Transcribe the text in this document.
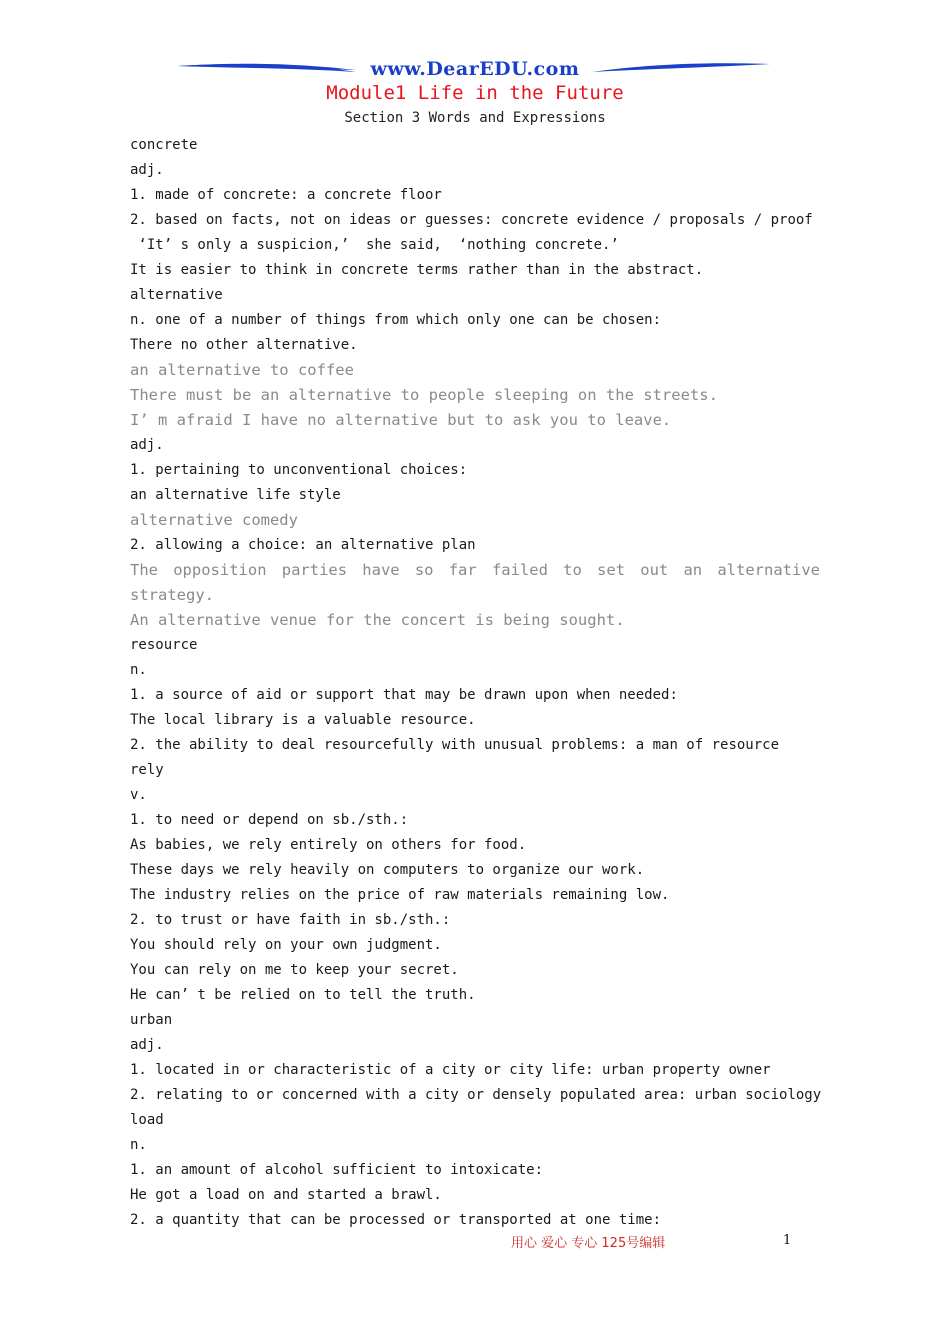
www.DearEDU.com
Module1 Life in the Future
Section 3 Words and Expressions
concrete
adj.
1. made of concrete: a concrete floor
2. based on facts, not on ideas or guesses: concrete evidence / proposals / proof
‘It’ s only a suspicion,’  she said,  ‘nothing concrete.’
It is easier to think in concrete terms rather than in the abstract.
alternative
n. one of a number of things from which only one can be chosen:
There no other alternative.
an alternative to coffee
There must be an alternative to people sleeping on the streets.
I’ m afraid I have no alternative but to ask you to leave.
adj.
1. pertaining to unconventional choices:
an alternative life style
alternative comedy
2. allowing a choice: an alternative plan
The opposition parties have so far failed to set out an alternative
strategy.
An alternative venue for the concert is being sought.
resource
n.
1. a source of aid or support that may be drawn upon when needed:
The local library is a valuable resource.
2. the ability to deal resourcefully with unusual problems: a man of resource
rely
v.
1. to need or depend on sb./sth.:
As babies, we rely entirely on others for food.
These days we rely heavily on computers to organize our work.
The industry relies on the price of raw materials remaining low.
2. to trust or have faith in sb./sth.:
You should rely on your own judgment.
You can rely on me to keep your secret.
He can’ t be relied on to tell the truth.
urban
adj.
1. located in or characteristic of a city or city life: urban property owner
2. relating to or concerned with a city or densely populated area: urban sociology
load
n.
1. an amount of alcohol sufficient to intoxicate:
He got a load on and started a brawl.
2. a quantity that can be processed or transported at one time:
用心 爱心 专心 125号编辑	1
